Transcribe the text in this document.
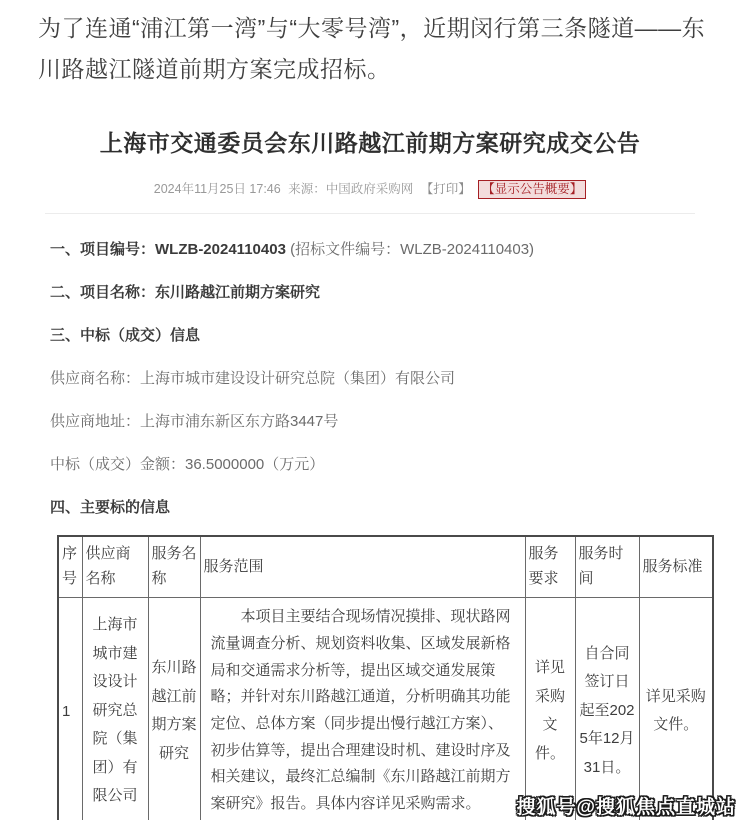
为了连通“浦江第一湾”与“大零号湾”，近期闵行第三条隧道——东川路越江隧道前期方案完成招标。

上海市交通委员会东川路越江前期方案研究成交公告
2024年11月25日 17:46 来源：中国政府采购网 【打印】 【显示公告概要】
一、项目编号：WLZB-2024110403 (招标文件编号：WLZB-2024110403)
二、项目名称：东川路越江前期方案研究
三、中标（成交）信息
供应商名称：上海市城市建设设计研究总院（集团）有限公司
供应商地址：上海市浦东新区东方路3447号
中标（成交）金额：36.5000000（万元）
四、主要标的信息
序号	供应商名称	服务名称	服务范围	服务要求	服务时间	服务标准
1	上海市城市建设设计研究总院（集团）有限公司	东川路越江前期方案研究	本项目主要结合现场情况摸排、现状路网流量调查分析、规划资料收集、区域发展新格局和交通需求分析等，提出区域交通发展策略；并针对东川路越江通道，分析明确其功能定位、总体方案（同步提出慢行越江方案）、初步估算等，提出合理建设时机、建设时序及相关建议，最终汇总编制《东川路越江前期方案研究》报告。具体内容详见采购需求。	详见采购文件。	自合同签订日起至2025年12月31日。	详见采购文件。

搜狐号@搜狐焦点直城站
